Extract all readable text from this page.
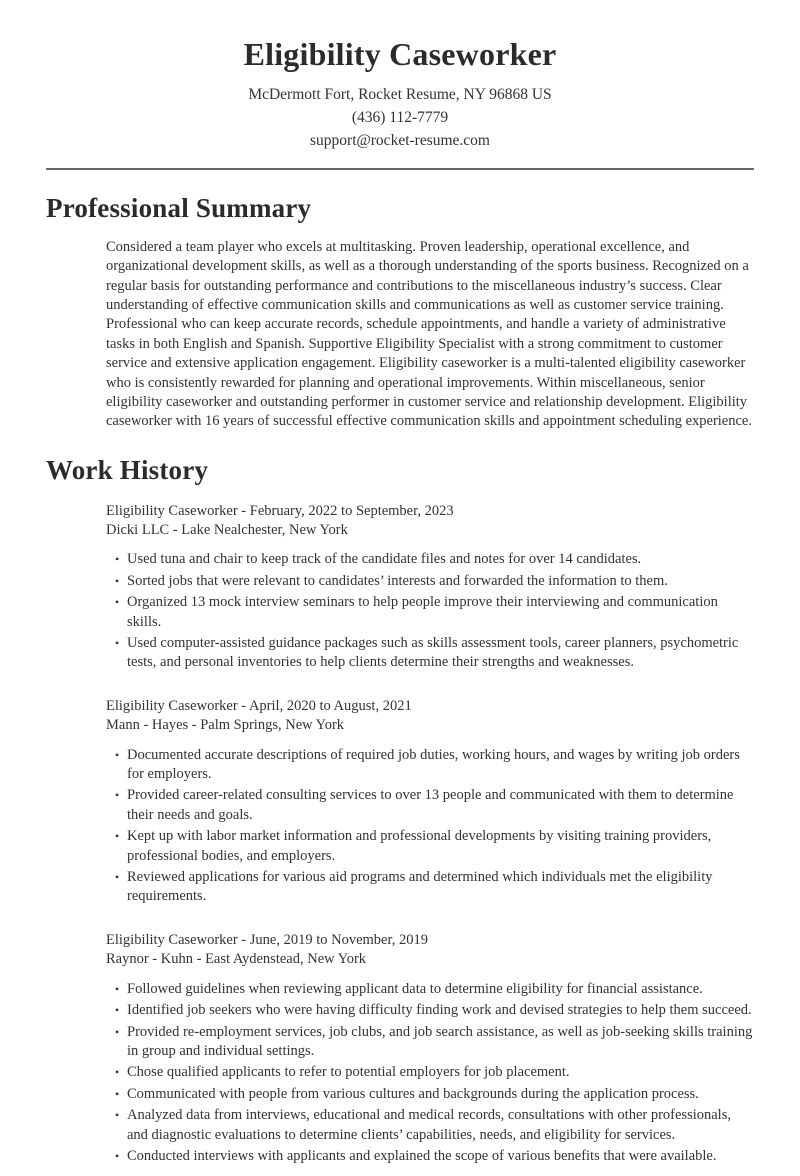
Eligibility Caseworker
McDermott Fort, Rocket Resume, NY 96868 US
(436) 112-7779
support@rocket-resume.com
Professional Summary

Considered a team player who excels at multitasking. Proven leadership, operational excellence, and organizational development skills, as well as a thorough understanding of the sports business. Recognized on a regular basis for outstanding performance and contributions to the miscellaneous industry’s success. Clear understanding of effective communication skills and communications as well as customer service training. Professional who can keep accurate records, schedule appointments, and handle a variety of administrative tasks in both English and Spanish. Supportive Eligibility Specialist with a strong commitment to customer service and extensive application engagement. Eligibility caseworker is a multi-talented eligibility caseworker who is consistently rewarded for planning and operational improvements. Within miscellaneous, senior eligibility caseworker and outstanding performer in customer service and relationship development. Eligibility caseworker with 16 years of successful effective communication skills and appointment scheduling experience.

Work History
Eligibility Caseworker - February, 2022 to September, 2023
Dicki LLC - Lake Nealchester, New York
• Used tuna and chair to keep track of the candidate files and notes for over 14 candidates.
• Sorted jobs that were relevant to candidates’ interests and forwarded the information to them.
• Organized 13 mock interview seminars to help people improve their interviewing and communication skills.
• Used computer-assisted guidance packages such as skills assessment tools, career planners, psychometric tests, and personal inventories to help clients determine their strengths and weaknesses.
Eligibility Caseworker - April, 2020 to August, 2021
Mann - Hayes - Palm Springs, New York
• Documented accurate descriptions of required job duties, working hours, and wages by writing job orders for employers.
• Provided career-related consulting services to over 13 people and communicated with them to determine their needs and goals.
• Kept up with labor market information and professional developments by visiting training providers, professional bodies, and employers.
• Reviewed applications for various aid programs and determined which individuals met the eligibility requirements.
Eligibility Caseworker - June, 2019 to November, 2019
Raynor - Kuhn - East Aydenstead, New York
• Followed guidelines when reviewing applicant data to determine eligibility for financial assistance.
• Identified job seekers who were having difficulty finding work and devised strategies to help them succeed.
• Provided re-employment services, job clubs, and job search assistance, as well as job-seeking skills training in group and individual settings.
• Chose qualified applicants to refer to potential employers for job placement.
• Communicated with people from various cultures and backgrounds during the application process.
• Analyzed data from interviews, educational and medical records, consultations with other professionals, and diagnostic evaluations to determine clients’ capabilities, needs, and eligibility for services.
• Conducted interviews with applicants and explained the scope of various benefits that were available.
